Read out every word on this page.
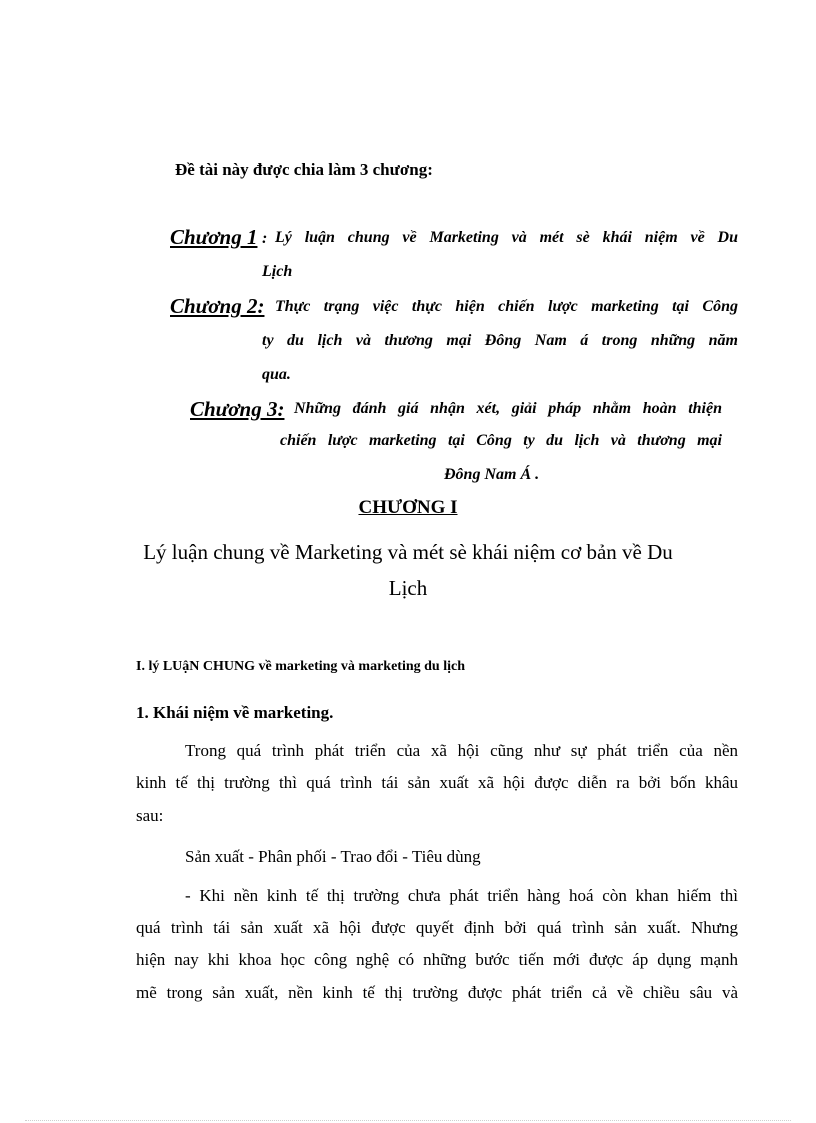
Đề tài này được chia làm 3 chương:
Chương 1 : Lý luận chung về Marketing và mét sè khái niệm về Du
Lịch
Chương 2: Thực trạng việc thực hiện chiến lược marketing tại Công
ty du lịch và thương mại Đông Nam á trong những năm
qua.
Chương 3: Những đánh giá nhận xét, giải pháp nhằm hoàn thiện
chiến lược marketing tại Công ty du lịch và thương mại
Đông Nam Á .
CHƯƠNG I
Lý luận chung về Marketing và mét sè khái niệm cơ bản về Du
Lịch
I. lý LUậN CHUNG về marketing và marketing du lịch
1. Khái niệm về marketing.
Trong quá trình phát triển của xã hội cũng như sự phát triển của nền
kinh tế thị trường thì quá trình tái sản xuất xã hội được diễn ra bởi bốn khâu
sau:
Sản xuất - Phân phối - Trao đổi - Tiêu dùng
- Khi nền kinh tế thị trường chưa phát triển hàng hoá còn khan hiếm thì
quá trình tái sản xuất xã hội được quyết định bởi quá trình sản xuất. Nhưng
hiện nay khi khoa học công nghệ có những bước tiến mới được áp dụng mạnh
mẽ trong sản xuất, nền kinh tế thị trường được phát triển cả về chiều sâu và
